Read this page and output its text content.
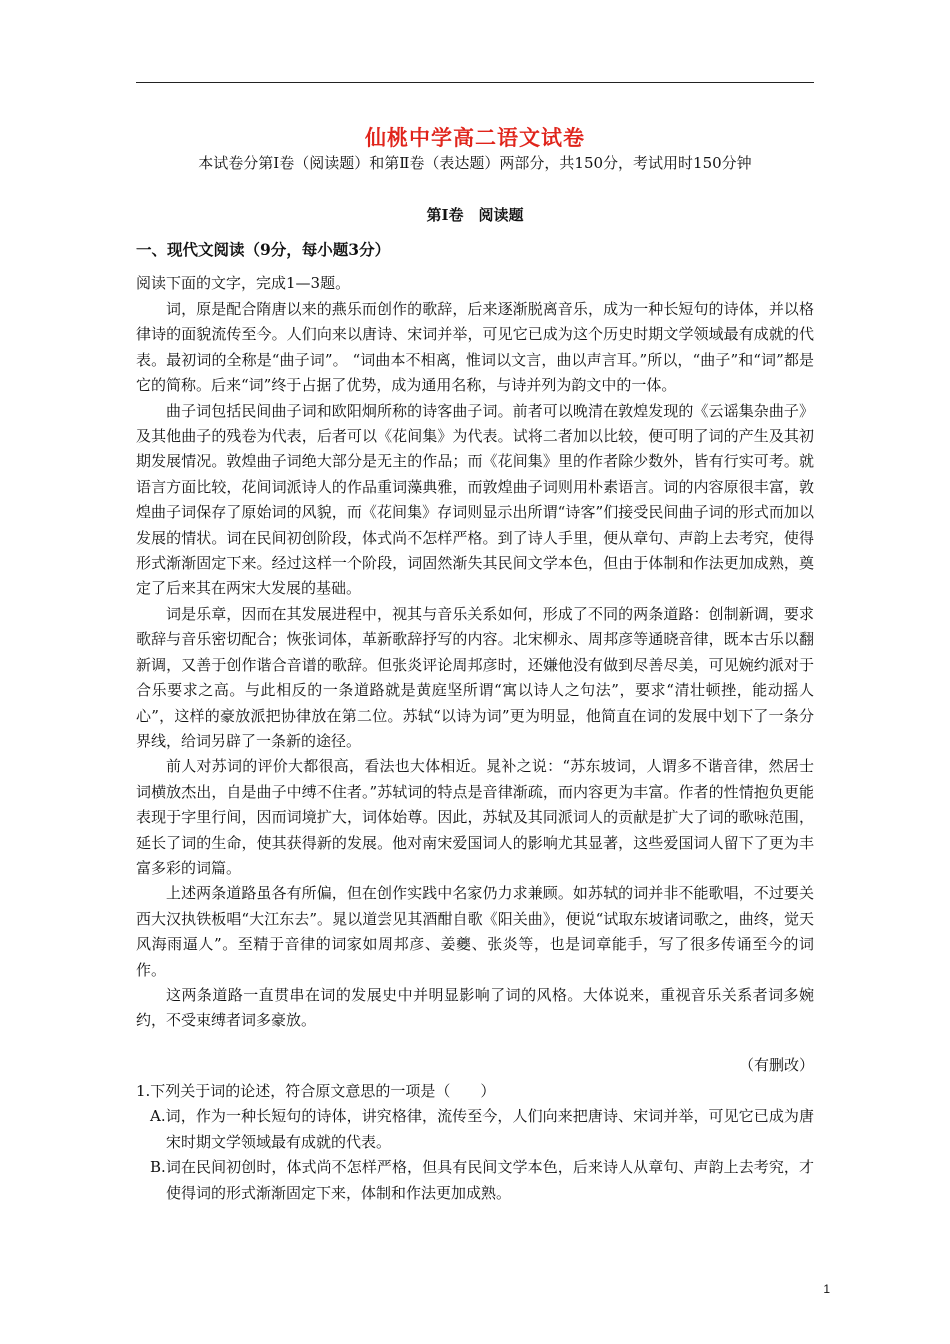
仙桃中学高二语文试卷
本试卷分第Ⅰ卷（阅读题）和第Ⅱ卷（表达题）两部分，共150分，考试用时150分钟
第Ⅰ卷　阅读题
一、现代文阅读（9分，每小题3分）
阅读下面的文字，完成1—3题。

词，原是配合隋唐以来的燕乐而创作的歌辞，后来逐渐脱离音乐，成为一种长短句的诗体，并以格律诗的面貌流传至今。人们向来以唐诗、宋词并举，可见它已成为这个历史时期文学领域最有成就的代表。最初词的全称是“曲子词”。 “词曲本不相离，惟词以文言，曲以声言耳。”所以，“曲子”和“词”都是它的简称。后来“词”终于占据了优势，成为通用名称，与诗并列为韵文中的一体。

曲子词包括民间曲子词和欧阳炯所称的诗客曲子词。前者可以晚清在敦煌发现的《云谣集杂曲子》及其他曲子的残卷为代表，后者可以《花间集》为代表。试将二者加以比较，便可明了词的产生及其初期发展情况。敦煌曲子词绝大部分是无主的作品；而《花间集》里的作者除少数外，皆有行实可考。就语言方面比较，花间词派诗人的作品重词藻典雅，而敦煌曲子词则用朴素语言。词的内容原很丰富，敦煌曲子词保存了原始词的风貌，而《花间集》存词则显示出所谓“诗客”们接受民间曲子词的形式而加以发展的情状。词在民间初创阶段，体式尚不怎样严格。到了诗人手里，便从章句、声韵上去考究，使得形式渐渐固定下来。经过这样一个阶段，词固然渐失其民间文学本色，但由于体制和作法更加成熟，奠定了后来其在两宋大发展的基础。

词是乐章，因而在其发展进程中，视其与音乐关系如何，形成了不同的两条道路：创制新调，要求歌辞与音乐密切配合；恢张词体，革新歌辞抒写的内容。北宋柳永、周邦彦等通晓音律，既本古乐以翻新调，又善于创作谐合音谱的歌辞。但张炎评论周邦彦时，还嫌他没有做到尽善尽美，可见婉约派对于合乐要求之高。与此相反的一条道路就是黄庭坚所谓“寓以诗人之句法”，要求“清壮顿挫，能动摇人心”，这样的豪放派把协律放在第二位。苏轼“以诗为词”更为明显，他简直在词的发展中划下了一条分界线，给词另辟了一条新的途径。

前人对苏词的评价大都很高，看法也大体相近。晁补之说：“苏东坡词，人谓多不谐音律，然居士词横放杰出，自是曲子中缚不住者。”苏轼词的特点是音律渐疏，而内容更为丰富。作者的性情抱负更能表现于字里行间，因而词境扩大，词体始尊。因此，苏轼及其同派词人的贡献是扩大了词的歌咏范围，延长了词的生命，使其获得新的发展。他对南宋爱国词人的影响尤其显著，这些爱国词人留下了更为丰富多彩的词篇。

上述两条道路虽各有所偏，但在创作实践中名家仍力求兼顾。如苏轼的词并非不能歌唱，不过要关西大汉执铁板唱“大江东去”。晁以道尝见其酒酣自歌《阳关曲》，便说“试取东坡诸词歌之，曲终，觉天风海雨逼人”。至精于音律的词家如周邦彦、姜夔、张炎等，也是词章能手，写了很多传诵至今的词作。

这两条道路一直贯串在词的发展史中并明显影响了词的风格。大体说来，重视音乐关系者词多婉约，不受束缚者词多豪放。

（有删改）

1.下列关于词的论述，符合原文意思的一项是（　　）

A.词，作为一种长短句的诗体，讲究格律，流传至今，人们向来把唐诗、宋词并举，可见它已成为唐宋时期文学领域最有成就的代表。

B.词在民间初创时，体式尚不怎样严格，但具有民间文学本色，后来诗人从章句、声韵上去考究，才使得词的形式渐渐固定下来，体制和作法更加成熟。

1
